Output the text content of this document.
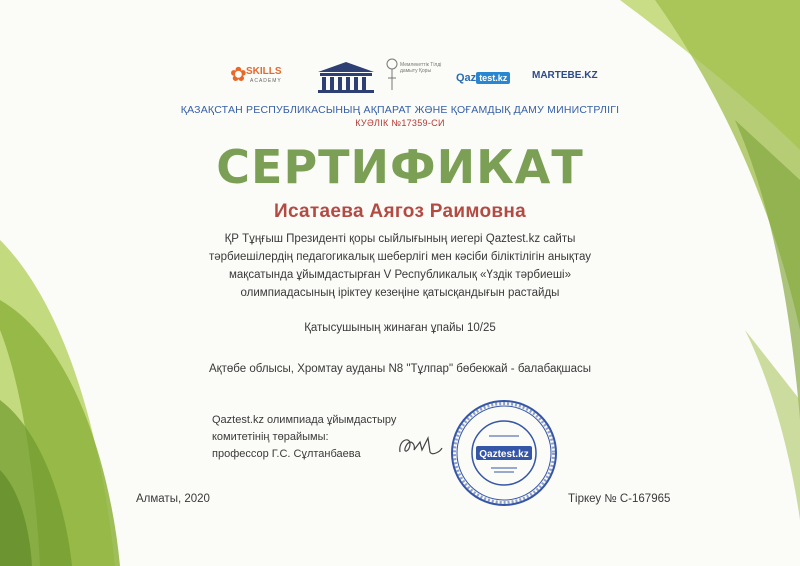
✿ SKILLS
ACADEMY
Мемлекеттік Тілді дамыту Қоры
Qaz test.kz	MARTEBE.KZ
ҚАЗАҚСТАН РЕСПУБЛИКАСЫНЫҢ АҚПАРАТ ЖӘНЕ ҚОҒАМДЫҚ ДАМУ МИНИСТРЛІГІ
КУӘЛІК №17359-СИ
СЕРТИФИКАТ
Исатаева Аягоз Раимовна
ҚР Тұңғыш Президенті қоры сыйлығының иегері Qaztest.kz сайты
тәрбиешілердің педагогикалық шеберлігі мен кәсіби біліктілігін анықтау
мақсатында ұйымдастырған V Республикалық «Үздік тәрбиеші»
олимпиадасының іріктеу кезеңіне қатысқандығын растайды
Қатысушының жинаған ұпайы 10/25
Ақтөбе облысы, Хромтау ауданы N8 "Тұлпар" бөбекжай - балабақшасы
Qaztest.kz олимпиада ұйымдастыру
комитетінің төрайымы:
профессор Г.С. Сұлтанбаева	Qaztest.kz
Алматы, 2020	Тіркеу № С-167965
